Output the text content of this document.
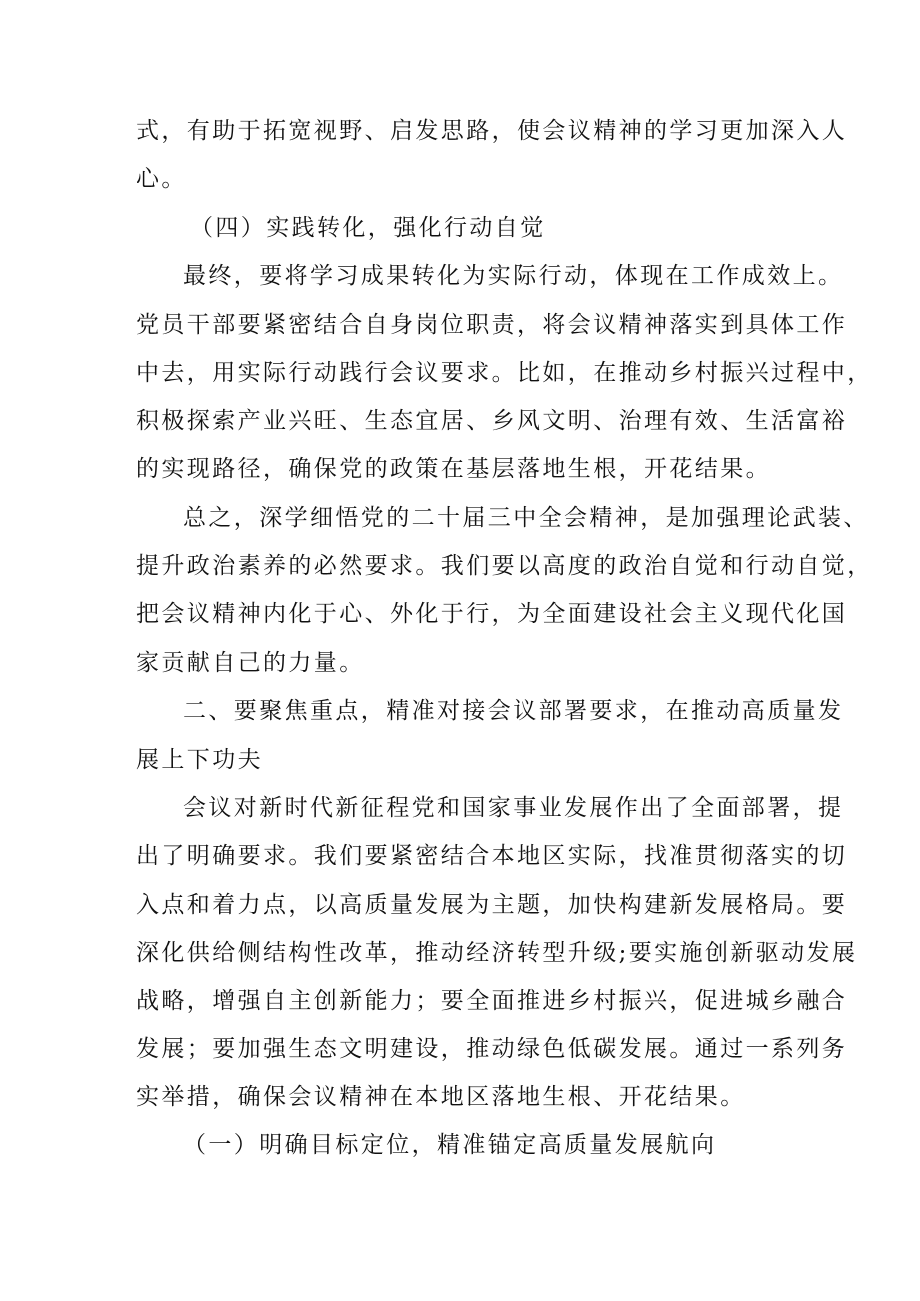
式，有助于拓宽视野、启发思路，使会议精神的学习更加深入人
心。
（四）实践转化，强化行动自觉
最终，要将学习成果转化为实际行动，体现在工作成效上。
党员干部要紧密结合自身岗位职责，将会议精神落实到具体工作
中去，用实际行动践行会议要求。比如，在推动乡村振兴过程中，
积极探索产业兴旺、生态宜居、乡风文明、治理有效、生活富裕
的实现路径，确保党的政策在基层落地生根，开花结果。
总之，深学细悟党的二十届三中全会精神，是加强理论武装、
提升政治素养的必然要求。我们要以高度的政治自觉和行动自觉，
把会议精神内化于心、外化于行，为全面建设社会主义现代化国
家贡献自己的力量。
二、要聚焦重点，精准对接会议部署要求，在推动高质量发
展上下功夫
会议对新时代新征程党和国家事业发展作出了全面部署，提
出了明确要求。我们要紧密结合本地区实际，找准贯彻落实的切
入点和着力点，以高质量发展为主题，加快构建新发展格局。要
深化供给侧结构性改革，推动经济转型升级;要实施创新驱动发展
战略，增强自主创新能力；要全面推进乡村振兴，促进城乡融合
发展；要加强生态文明建设，推动绿色低碳发展。通过一系列务
实举措，确保会议精神在本地区落地生根、开花结果。
（一）明确目标定位，精准锚定高质量发展航向
